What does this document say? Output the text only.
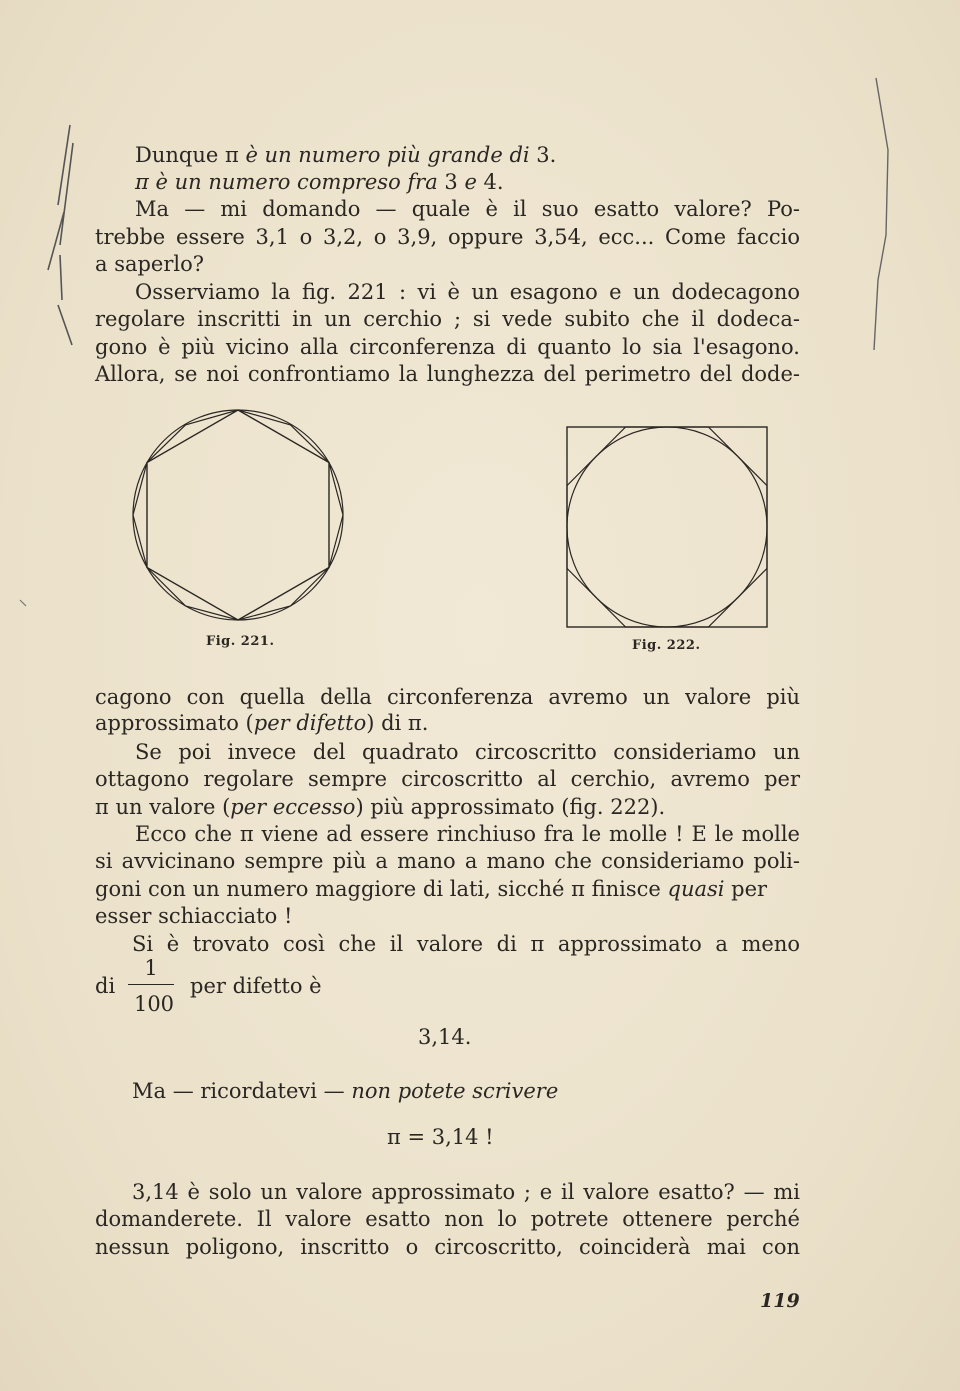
Dunque π è un numero più grande di 3.
π è un numero compreso fra 3 e 4.
Ma — mi domando — quale è il suo esatto valore? Po-
trebbe essere 3,1 o 3,2, o 3,9, oppure 3,54, ecc... Come faccio
a saperlo?
Osserviamo la fig. 221 : vi è un esagono e un dodecagono
regolare inscritti in un cerchio ; si vede subito che il dodeca-
gono è più vicino alla circonferenza di quanto lo sia l'esagono.
Allora, se noi confrontiamo la lunghezza del perimetro del dode-
cagono con quella della circonferenza avremo un valore più
approssimato (per difetto) di π.
Se poi invece del quadrato circoscritto consideriamo un
ottagono regolare sempre circoscritto al cerchio, avremo per
π un valore (per eccesso) più approssimato (fig. 222).
Ecco che π viene ad essere rinchiuso fra le molle ! E le molle
si avvicinano sempre più a mano a mano che consideriamo poli-
goni con un numero maggiore di lati, sicché π finisce quasi per
esser schiacciato !
Si è trovato così che il valore di π approssimato a meno
di
1
100
per difetto è
3,14.
Ma — ricordatevi — non potete scrivere
π = 3,14 !
3,14 è solo un valore approssimato ; e il valore esatto? — mi
domanderete. Il valore esatto non lo potrete ottenere perché
nessun poligono, inscritto o circoscritto, coinciderà mai con
Fig. 221.	Fig. 222.
119
